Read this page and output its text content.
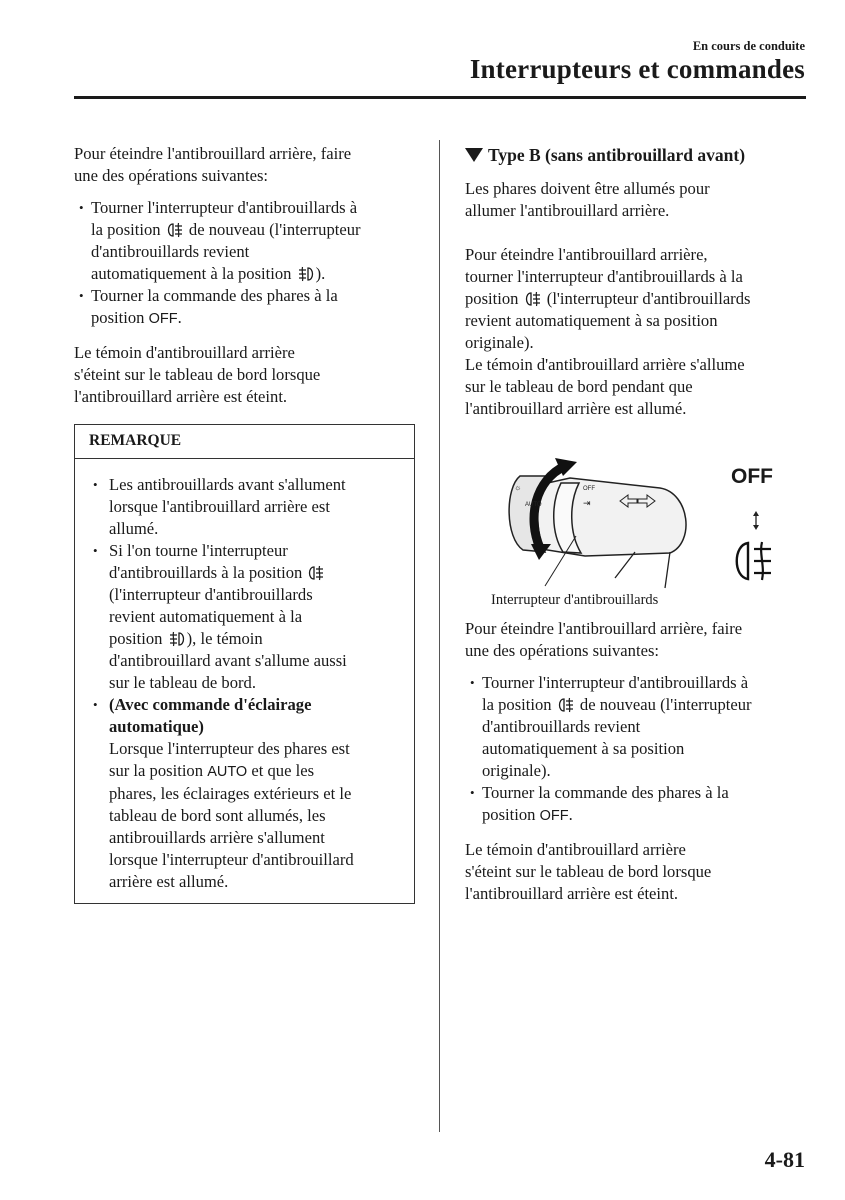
En cours de conduite
Interrupteurs et commandes

Pour éteindre l'antibrouillard arrière, faire
une des opérations suivantes:

• Tourner l'interrupteur d'antibrouillards à
la position de nouveau (l'interrupteur
d'antibrouillards revient
automatiquement à la position ).
• Tourner la commande des phares à la
position OFF.

Le témoin d'antibrouillard arrière
s'éteint sur le tableau de bord lorsque
l'antibrouillard arrière est éteint.

REMARQUE
• Les antibrouillards avant s'allument
lorsque l'antibrouillard arrière est
allumé.
• Si l'on tourne l'interrupteur
d'antibrouillards à la position
(l'interrupteur d'antibrouillards
revient automatiquement à la
position ), le témoin
d'antibrouillard avant s'allume aussi
sur le tableau de bord.
• (Avec commande d'éclairage
automatique)
Lorsque l'interrupteur des phares est
sur la position AUTO et que les
phares, les éclairages extérieurs et le
tableau de bord sont allumés, les
antibrouillards arrière s'allument
lorsque l'interrupteur d'antibrouillard
arrière est allumé.
Type B (sans antibrouillard avant)

Les phares doivent être allumés pour
allumer l'antibrouillard arrière.

Pour éteindre l'antibrouillard arrière,
tourner l'interrupteur d'antibrouillards à la
position (l'interrupteur d'antibrouillards
revient automatiquement à sa position
originale).

Le témoin d'antibrouillard arrière s'allume
sur le tableau de bord pendant que
l'antibrouillard arrière est allumé.

☼
AUTO
OFF
⇥
OFF
Interrupteur d'antibrouillards

Pour éteindre l'antibrouillard arrière, faire
une des opérations suivantes:

• Tourner l'interrupteur d'antibrouillards à
la position de nouveau (l'interrupteur
d'antibrouillards revient
automatiquement à sa position
originale).
• Tourner la commande des phares à la
position OFF.

Le témoin d'antibrouillard arrière
s'éteint sur le tableau de bord lorsque
l'antibrouillard arrière est éteint.

4-81
